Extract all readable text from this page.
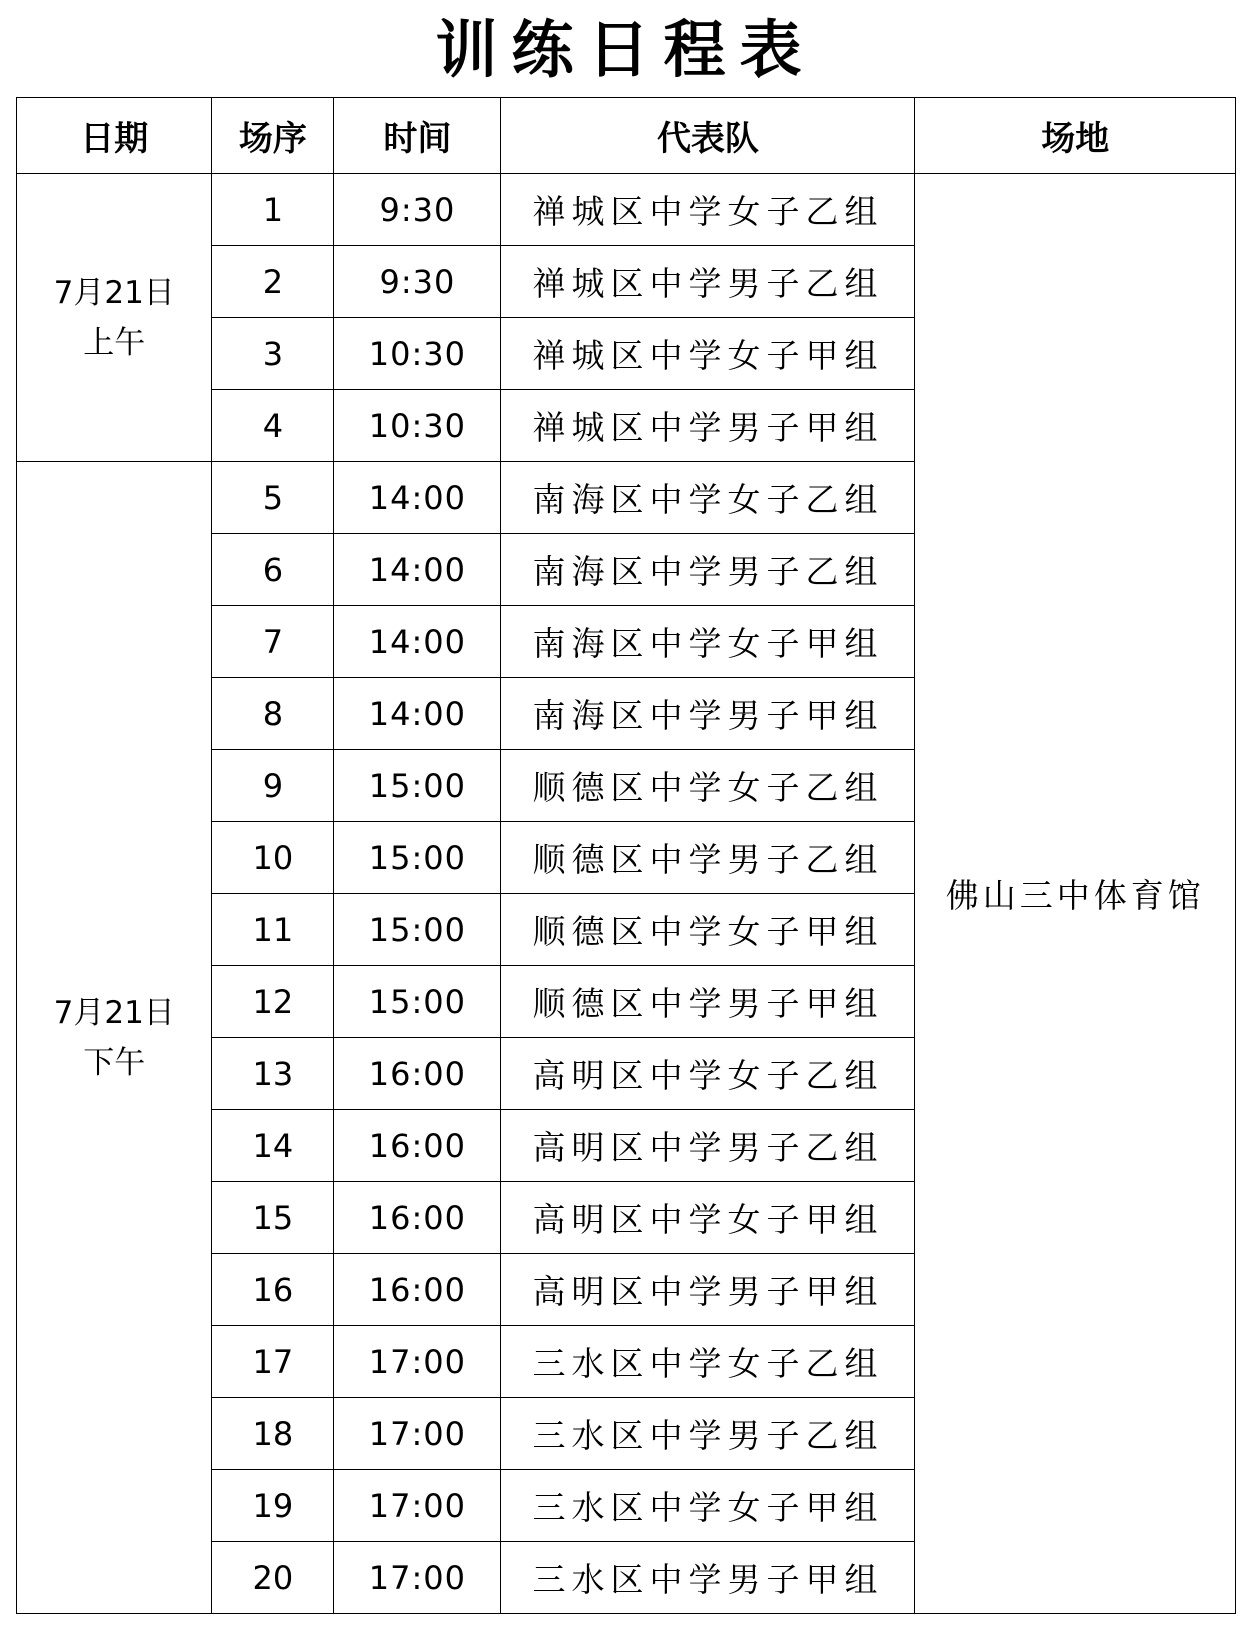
训练日程表
日期	场序	时间	代表队	场地

7月21日
上午	1	9:30	禅城区中学女子乙组	佛山三中体育馆
	2	9:30	禅城区中学男子乙组	
	3	10:30	禅城区中学女子甲组	
	4	10:30	禅城区中学男子甲组	

7月21日
下午	5	14:00	南海区中学女子乙组	
	6	14:00	南海区中学男子乙组	
	7	14:00	南海区中学女子甲组	
	8	14:00	南海区中学男子甲组	
	9	15:00	顺德区中学女子乙组	
	10	15:00	顺德区中学男子乙组	
	11	15:00	顺德区中学女子甲组	
	12	15:00	顺德区中学男子甲组	
	13	16:00	高明区中学女子乙组	
	14	16:00	高明区中学男子乙组	
	15	16:00	高明区中学女子甲组	
	16	16:00	高明区中学男子甲组	
	17	17:00	三水区中学女子乙组	
	18	17:00	三水区中学男子乙组	
	19	17:00	三水区中学女子甲组	
	20	17:00	三水区中学男子甲组	
